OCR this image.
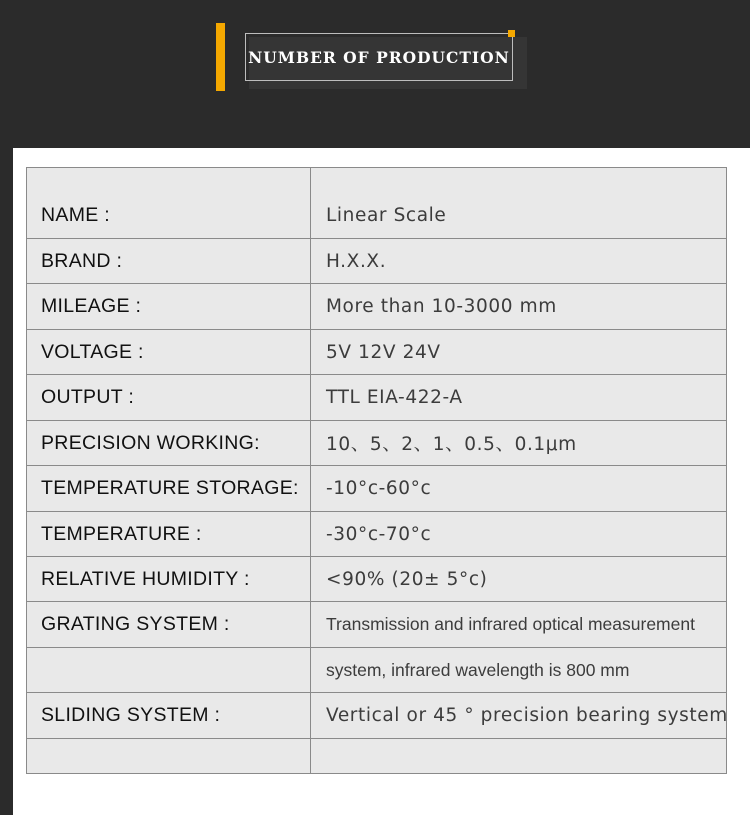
NUMBER OF PRODUCTION
NAME :	Linear Scale
BRAND :	H.X.X.
MILEAGE :	More than 10-3000 mm
VOLTAGE :	5V 12V 24V
OUTPUT :	TTL EIA-422-A
PRECISION WORKING:	10、5、2、1、0.5、0.1μm
TEMPERATURE STORAGE:	-10°c-60°c
TEMPERATURE :	-30°c-70°c
RELATIVE HUMIDITY :	<90% (20± 5°c)
GRATING SYSTEM :	Transmission and infrared optical measurement
	system, infrared wavelength is 800 mm
SLIDING SYSTEM :	Vertical or 45 ° precision bearing system
